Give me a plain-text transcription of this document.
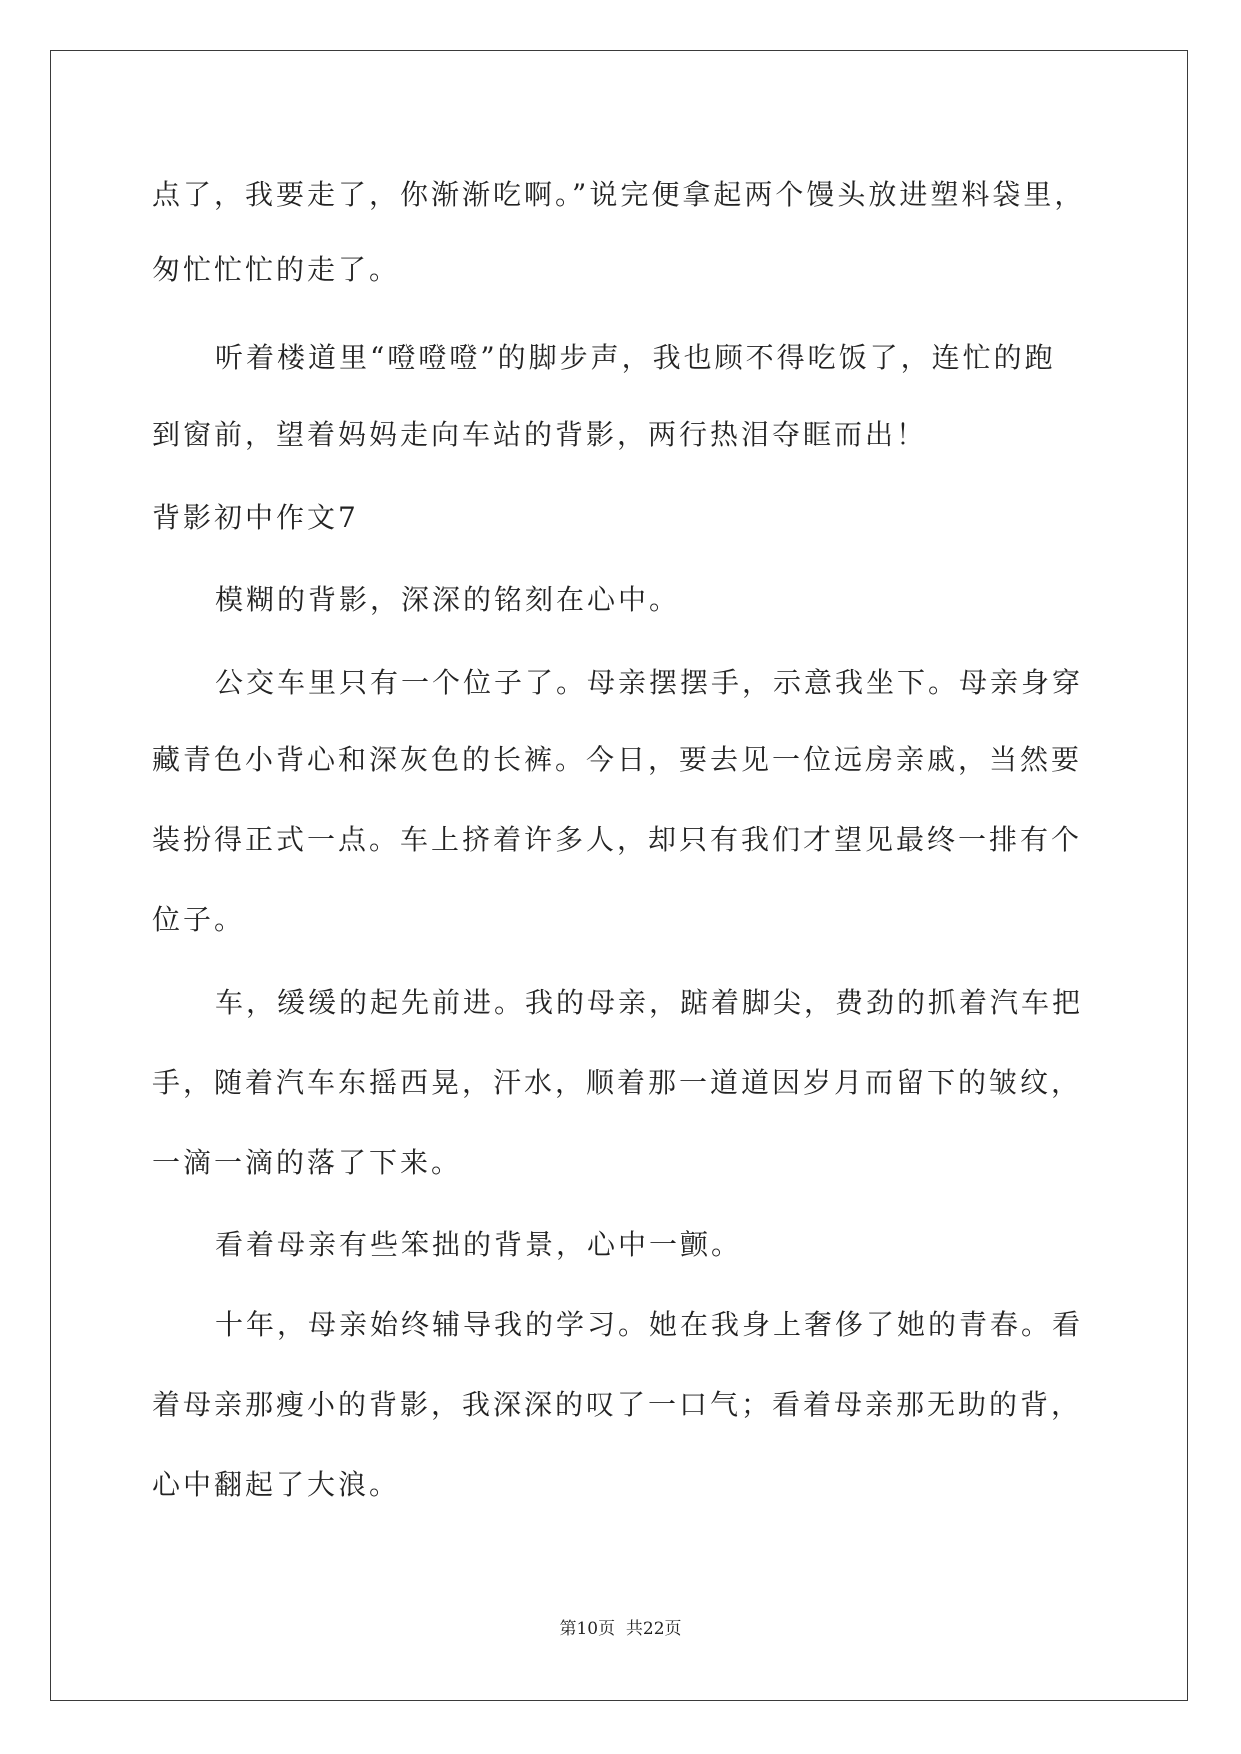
点了，我要走了，你渐渐吃啊。”说完便拿起两个馒头放进塑料袋里，
匆忙忙忙的走了。
听着楼道里“噔噔噔”的脚步声，我也顾不得吃饭了，连忙的跑
到窗前，望着妈妈走向车站的背影，两行热泪夺眶而出！
背影初中作文7
模糊的背影，深深的铭刻在心中。
公交车里只有一个位子了。母亲摆摆手，示意我坐下。母亲身穿
藏青色小背心和深灰色的长裤。今日，要去见一位远房亲戚，当然要
装扮得正式一点。车上挤着许多人，却只有我们才望见最终一排有个
位子。
车，缓缓的起先前进。我的母亲，踮着脚尖，费劲的抓着汽车把
手，随着汽车东摇西晃，汗水，顺着那一道道因岁月而留下的皱纹，
一滴一滴的落了下来。
看着母亲有些笨拙的背景，心中一颤。
十年，母亲始终辅导我的学习。她在我身上奢侈了她的青春。看
着母亲那瘦小的背影，我深深的叹了一口气；看着母亲那无助的背，
心中翻起了大浪。
第10页  共22页
